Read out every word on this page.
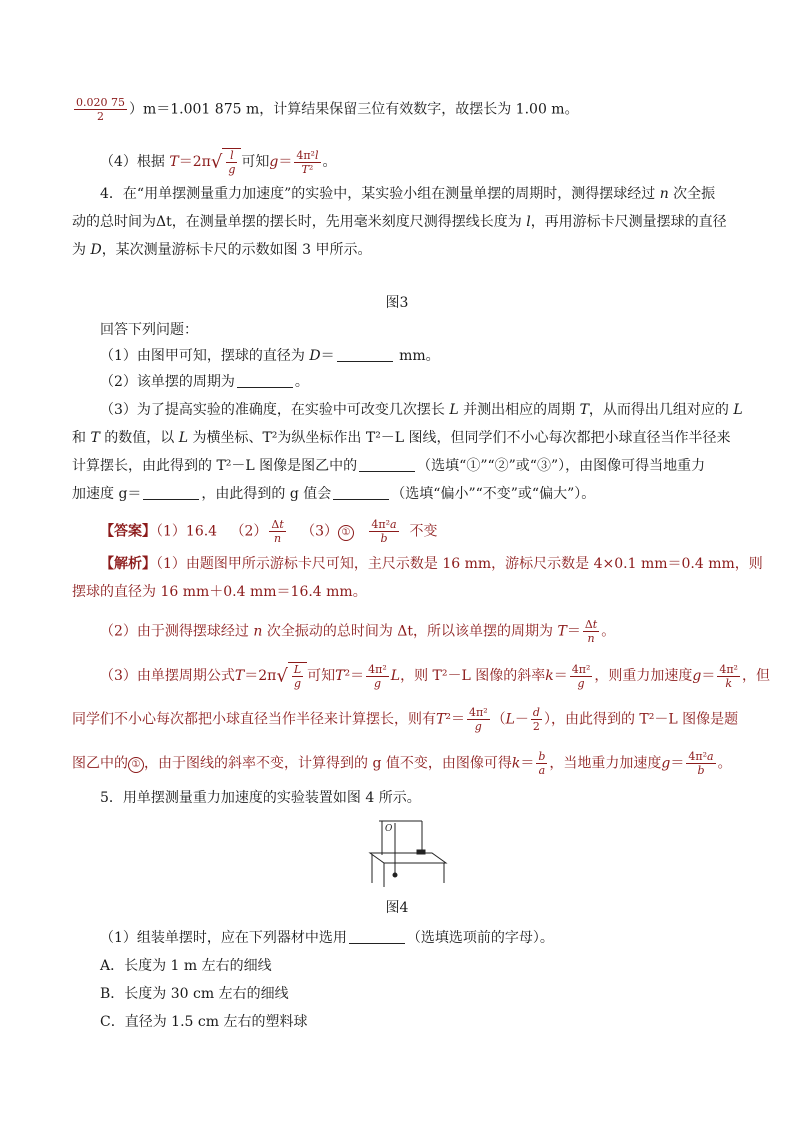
$\frac{0.020 75}{2} )m=1.001$ 875 m，计算结果保留三位有效数字，故摆长为 1.00 m。
（4）根据 $T=2\pi√ \frac{l}{g}$ 可知$g= \frac{\text{4π²l}}{\text{T²}}$ 。
4．在“用单摆测量重力加速度”的实验中，某实验小组在测量单摆的周期时，测得摆球经过 n 次全振
动的总时间为Δt，在测量单摆的摆长时，先用毫米刻度尺测得摆线长度为 l，再用游标卡尺测量摆球的直径
为 D，某次测量游标卡尺的示数如图 3 甲所示。
图3
回答下列问题：
（1）由图甲可知，摆球的直径为 D＝	mm。
（2）该单摆的周期为	。
（3）为了提高实验的准确度，在实验中可改变几次摆长 L 并测出相应的周期 T，从而得出几组对应的 L
和 T 的数值，以 L 为横坐标、T²为纵坐标作出 T²－L 图线，但同学们不小心每次都把小球直径当作半径来
计算摆长，由此得到的 T²－L 图像是图乙中的	（选填“①”“②”或“③”），由图像可得当地重力
加速度 g＝	，由此得到的 g 值会	（选填“偏小”“不变”或“偏大”）。
【答案】（1）16.4 $(2) \frac{\Delta t}{n} (3)$ ① $\frac{\text{4π²a}}{b}$ 不变
【解析】（1）由题图甲所示游标卡尺可知，主尺示数是 16 mm，游标尺示数是 4×0.1 mm＝0.4 mm，则
摆球的直径为 16 mm＋0.4 mm＝16.4 mm。
（2）由于测得摆球经过 n 次全振动的总时间为 Δt，所以该单摆的周期为 $T= \frac{\Delta t}{n}$ 。
（3）由单摆周期公式$T=2\pi√ \frac{L}{g}$ 可知$T^2= \frac{\text{4π²}}{g}$ L，则 T²－L 图像的斜率$k= \frac{\text{4π²}}{g}$ ，则重力加速度$g= \frac{\text{4π²}}{k}$ ，但
同学们不小心每次都把小球直径当作半径来计算摆长，则有$T^2= \frac{\text{4π²}}{g} (L- \frac{d}{2}$ ），由此得到的 T²－L 图像是题
图乙中的 ① ，由于图线的斜率不变，计算得到的 g 值不变，由图像可得$k= \frac{b}{a}$ ，当地重力加速度$g= \frac{\text{4π²a}}{b}$ 。
5．用单摆测量重力加速度的实验装置如图 4 所示。
O
图4
（1）组装单摆时，应在下列器材中选用	（选填选项前的字母）。
A．长度为 1 m 左右的细线
B．长度为 30 cm 左右的细线
C．直径为 1.5 cm 左右的塑料球
